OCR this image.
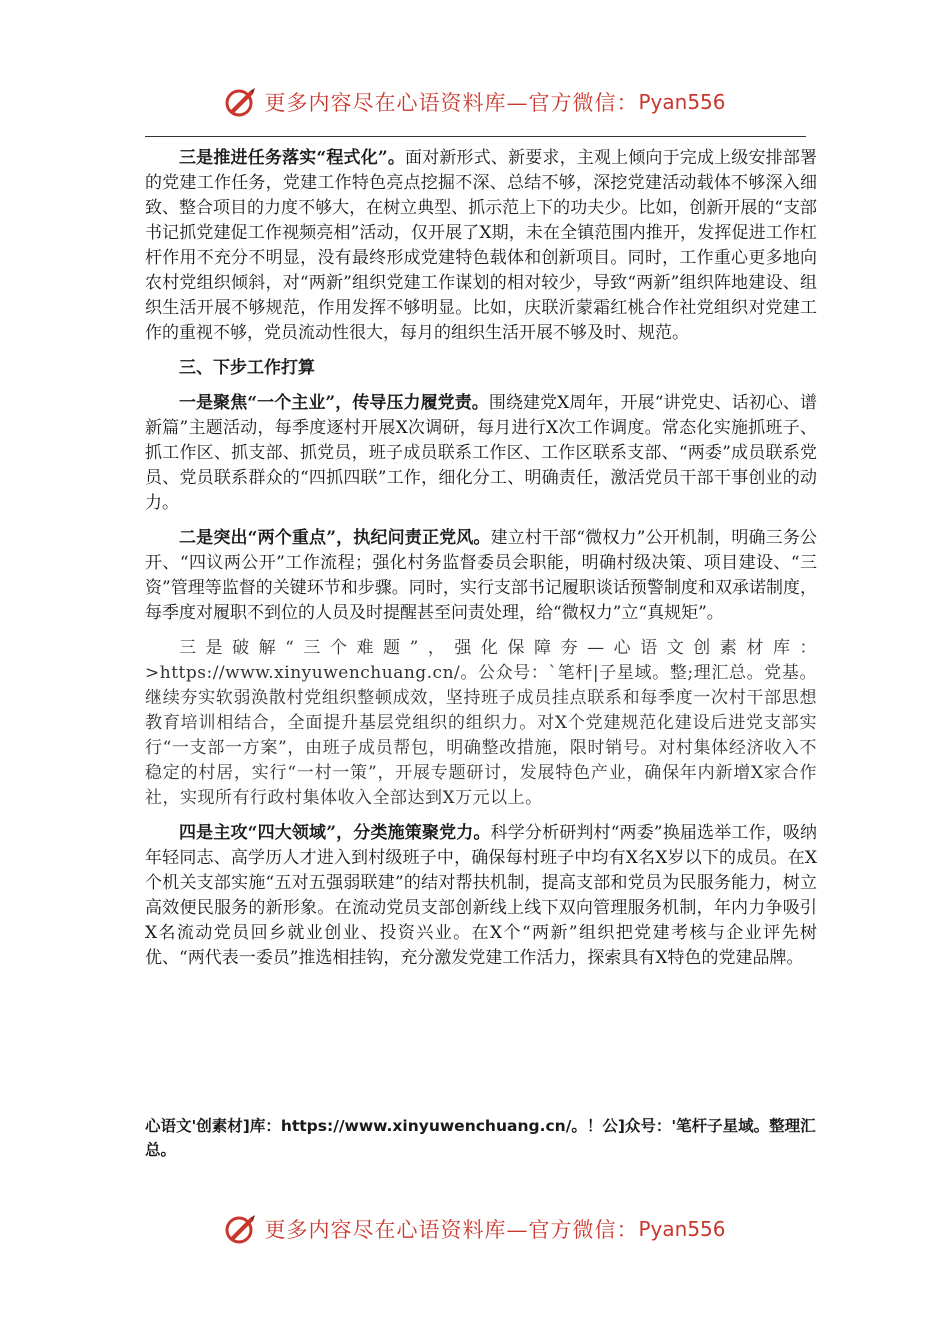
更多内容尽在心语资料库—官方微信： Pyan556

三是推进任务落实“程式化”。面对新形式、新要求，主观上倾向于完成上级安排部署的党建工作任务，党建工作特色亮点挖掘不深、总结不够，深挖党建活动载体不够深入细致、整合项目的力度不够大，在树立典型、抓示范上下的功夫少。比如，创新开展的“支部书记抓党建促工作视频亮相”活动，仅开展了X期，未在全镇范围内推开，发挥促进工作杠杆作用不充分不明显，没有最终形成党建特色载体和创新项目。同时，工作重心更多地向农村党组织倾斜，对“两新”组织党建工作谋划的相对较少，导致“两新”组织阵地建设、组织生活开展不够规范，作用发挥不够明显。比如，庆联沂蒙霜红桃合作社党组织对党建工作的重视不够，党员流动性很大，每月的组织生活开展不够及时、规范。

三、下步工作打算

一是聚焦“一个主业”，传导压力履党责。围绕建党X周年，开展“讲党史、话初心、谱新篇”主题活动，每季度逐村开展X次调研，每月进行X次工作调度。常态化实施抓班子、抓工作区、抓支部、抓党员，班子成员联系工作区、工作区联系支部、“两委”成员联系党员、党员联系群众的“四抓四联”工作，细化分工、明确责任，激活党员干部干事创业的动力。

二是突出“两个重点”，执纪问责正党风。建立村干部“微权力”公开机制，明确三务公开、“四议两公开”工作流程；强化村务监督委员会职能，明确村级决策、项目建设、“三资”管理等监督的关键环节和步骤。同时，实行支部书记履职谈话预警制度和双承诺制度，每季度对履职不到位的人员及时提醒甚至问责处理，给“微权力”立“真规矩”。

三是破解“三个难题”，强化保障夯—心语文创素材库：>https://www.xinyuwenchuang.cn/。公众号：`笔杆|子星域。整;理汇总。党基。继续夯实软弱涣散村党组织整顿成效，坚持班子成员挂点联系和每季度一次村干部思想教育培训相结合，全面提升基层党组织的组织力。对X个党建规范化建设后进党支部实行“一支部一方案”，由班子成员帮包，明确整改措施，限时销号。对村集体经济收入不稳定的村居，实行“一村一策”，开展专题研讨，发展特色产业，确保年内新增X家合作社，实现所有行政村集体收入全部达到X万元以上。

四是主攻“四大领域”，分类施策聚党力。科学分析研判村“两委”换届选举工作，吸纳年轻同志、高学历人才进入到村级班子中，确保每村班子中均有X名X岁以下的成员。在X个机关支部实施“五对五强弱联建”的结对帮扶机制，提高支部和党员为民服务能力，树立高效便民服务的新形象。在流动党员支部创新线上线下双向管理服务机制，年内力争吸引X名流动党员回乡就业创业、投资兴业。在X个“两新”组织把党建考核与企业评先树优、“两代表一委员”推选相挂钩，充分激发党建工作活力，探索具有X特色的党建品牌。

心语文'创素材]库：https://www.xinyuwenchuang.cn/。！公]众号：'笔杆子星域。整理汇总。
更多内容尽在心语资料库—官方微信： Pyan556
